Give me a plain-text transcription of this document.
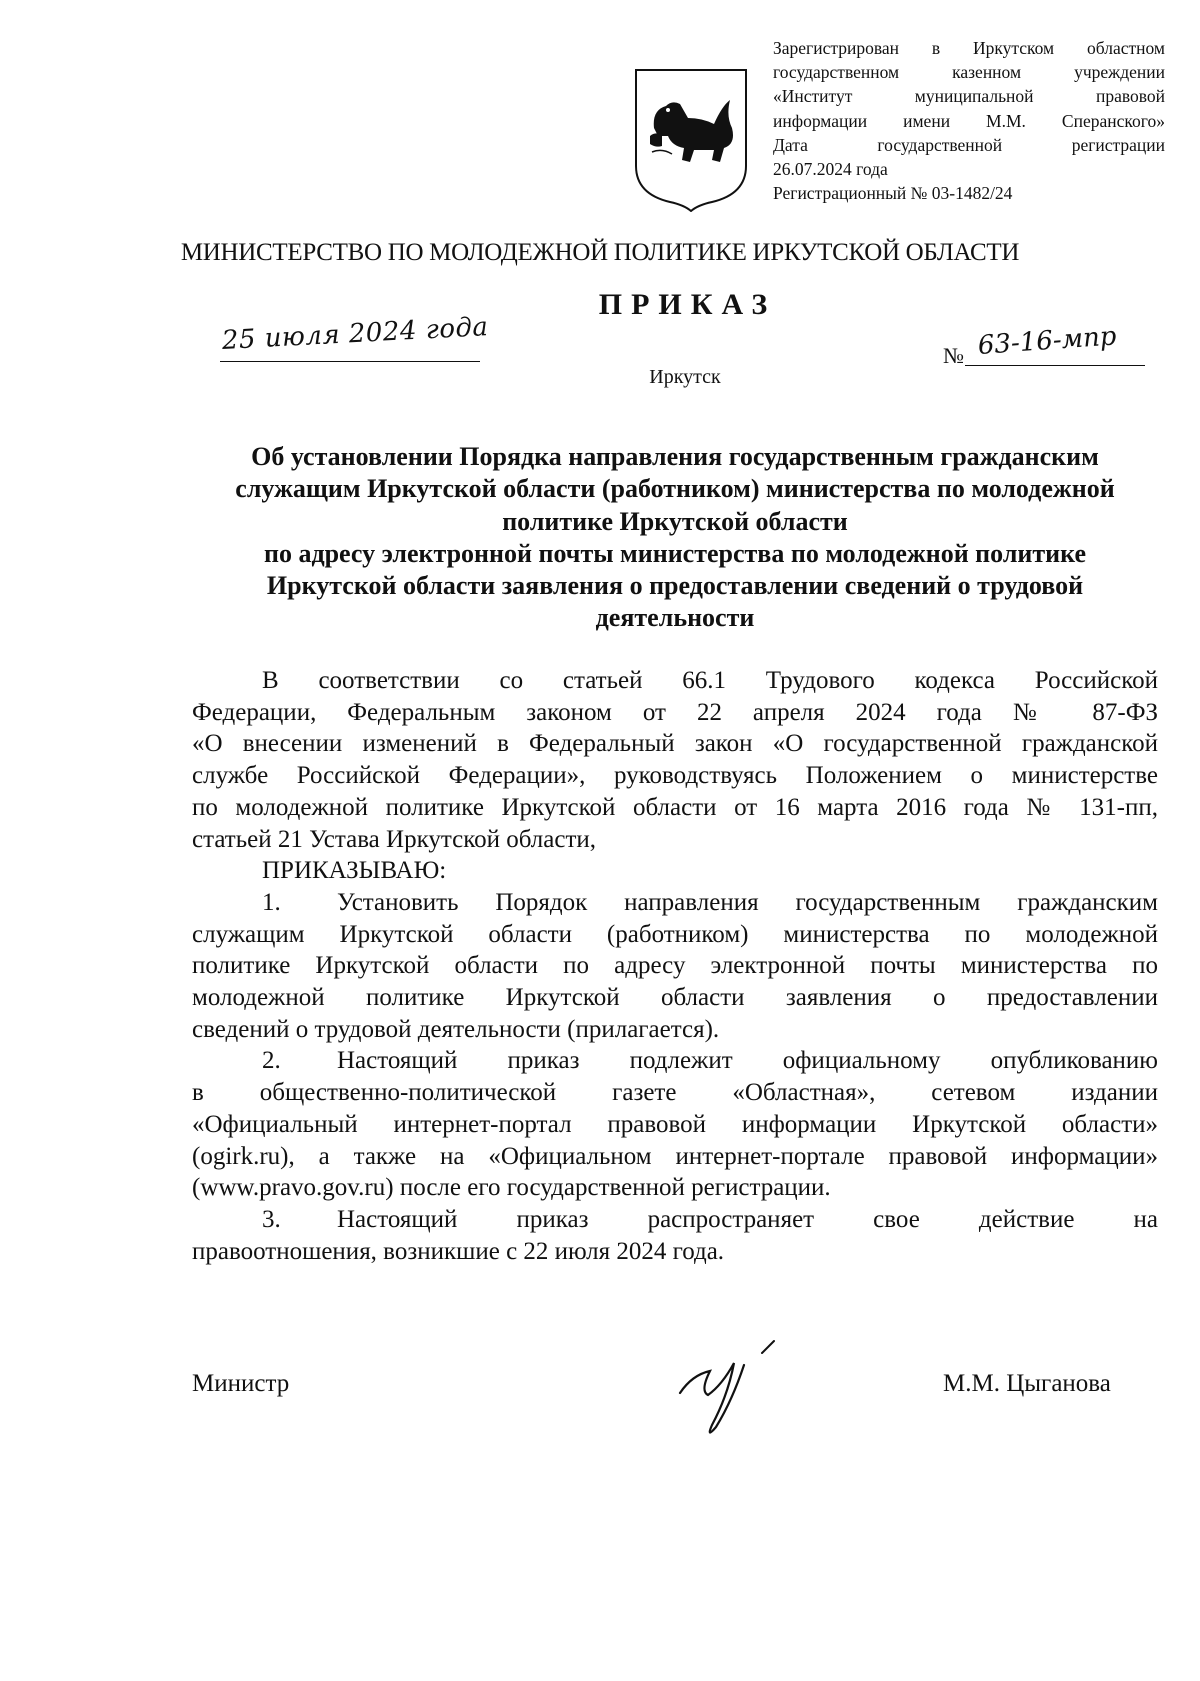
Зарегистрирован в Иркутском областном
государственном казенном учреждении
«Институт муниципальной правовой
информации имени М.М. Сперанского»
Дата государственной регистрации
26.07.2024 года
Регистрационный № 03-1482/24
МИНИСТЕРСТВО ПО МОЛОДЕЖНОЙ ПОЛИТИКЕ ИРКУТСКОЙ ОБЛАСТИ
ПРИКАЗ
25 июля 2024 года	№ 63-16-мпр
Иркутск
Об установлении Порядка направления государственным гражданским
служащим Иркутской области (работником) министерства по молодежной
политике Иркутской области
по адресу электронной почты министерства по молодежной политике
Иркутской области заявления о предоставлении сведений о трудовой
деятельности
В соответствии со статьей 66.1 Трудового кодекса Российской
Федерации, Федеральным законом от 22 апреля 2024 года № 87-ФЗ
«О внесении изменений в Федеральный закон «О государственной гражданской
службе Российской Федерации», руководствуясь Положением о министерстве
по молодежной политике Иркутской области от 16 марта 2016 года № 131-пп,
статьей 21 Устава Иркутской области,
ПРИКАЗЫВАЮ:
1. Установить Порядок направления государственным гражданским
служащим Иркутской области (работником) министерства по молодежной
политике Иркутской области по адресу электронной почты министерства по
молодежной политике Иркутской области заявления о предоставлении
сведений о трудовой деятельности (прилагается).
2. Настоящий приказ подлежит официальному опубликованию
в общественно-политической газете «Областная», сетевом издании
«Официальный интернет-портал правовой информации Иркутской области»
(ogirk.ru), а также на «Официальном интернет-портале правовой информации»
(www.pravo.gov.ru) после его государственной регистрации.
3. Настоящий приказ распространяет свое действие на
правоотношения, возникшие с 22 июля 2024 года.
Министр	М.М. Цыганова
